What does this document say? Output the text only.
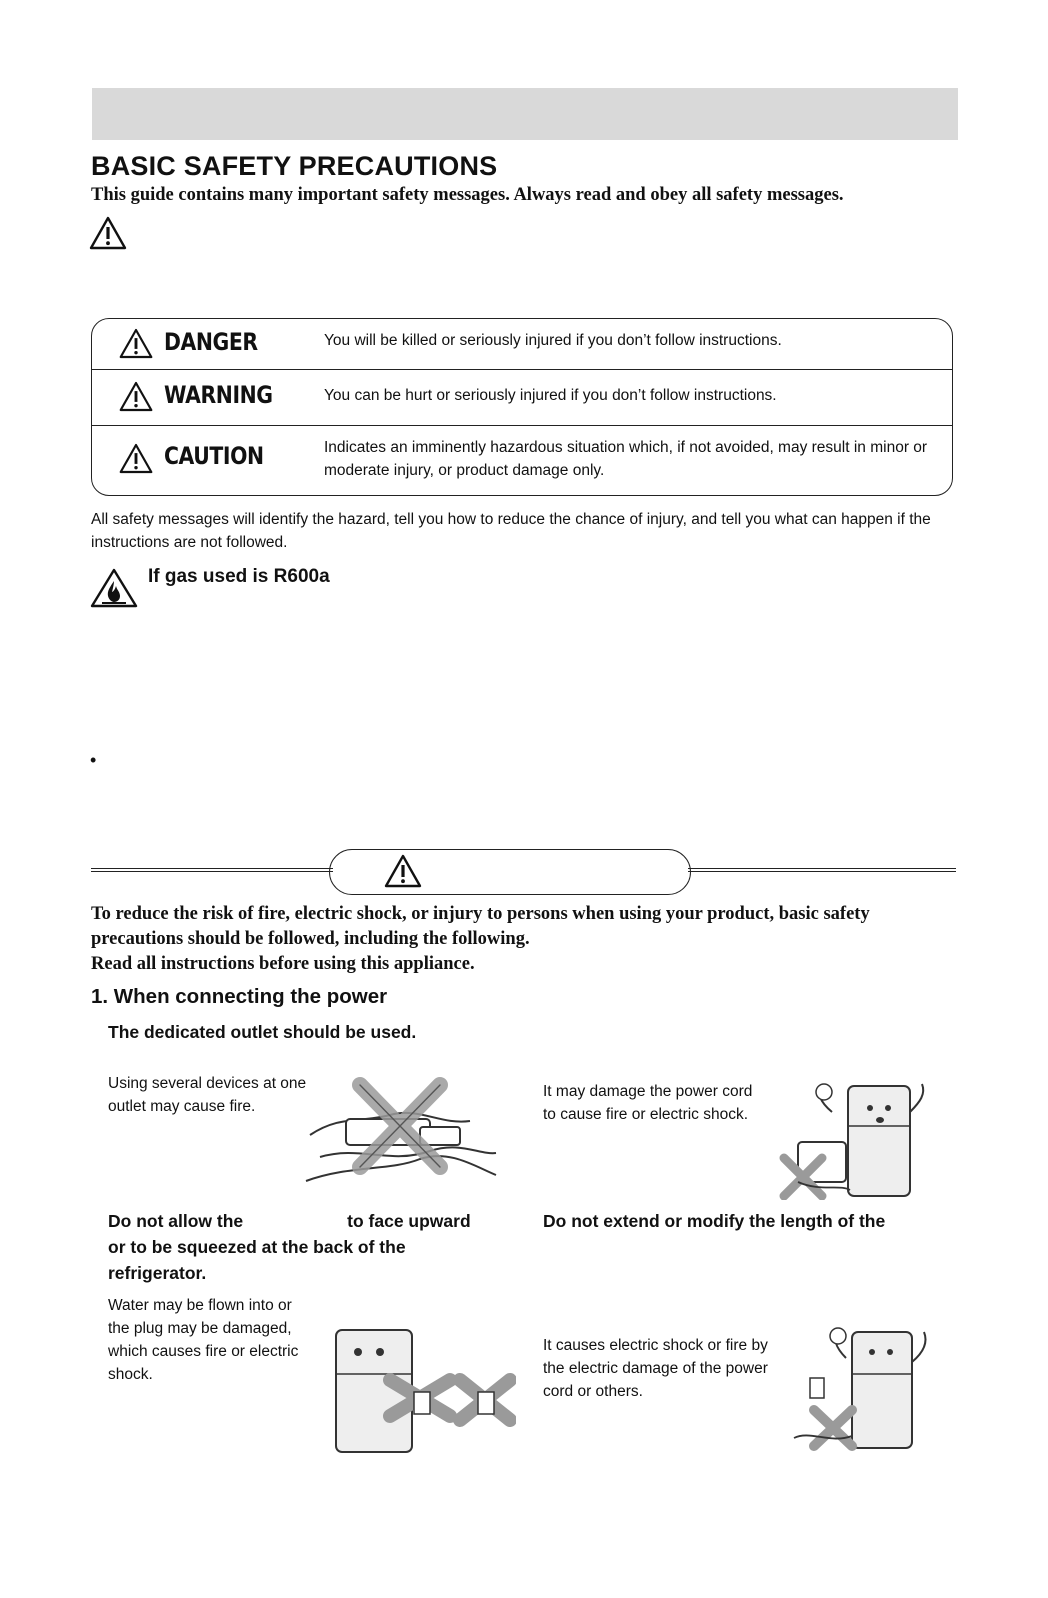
BASIC SAFETY PRECAUTIONS
This guide contains many important safety messages. Always read and obey all safety messages.
DANGER	You will be killed or seriously injured if you don’t follow instructions.
WARNING	You can be hurt or seriously injured if you don’t follow instructions.
CAUTION	Indicates an imminently hazardous situation which, if not avoided, may result in minor or moderate injury, or product damage only.
All safety messages will identify the hazard, tell you how to reduce the chance of injury, and tell you what can happen if the instructions are not followed.
If gas used is R600a
•
To reduce the risk of fire, electric shock, or injury to persons when using your product, basic safety precautions should be followed, including the following.
Read all instructions before using this appliance.
1. When connecting the power
The dedicated outlet should be used.
Using several devices at one outlet may cause fire.
It may damage the power cord to cause fire or electric shock.
Do not allow the	to face upward
or to be squeezed at the back of the refrigerator.
Do not extend or modify the length of the
Water may be flown into or the plug may be damaged, which causes fire or electric shock.
It causes electric shock or fire by the electric damage of the power cord or others.
